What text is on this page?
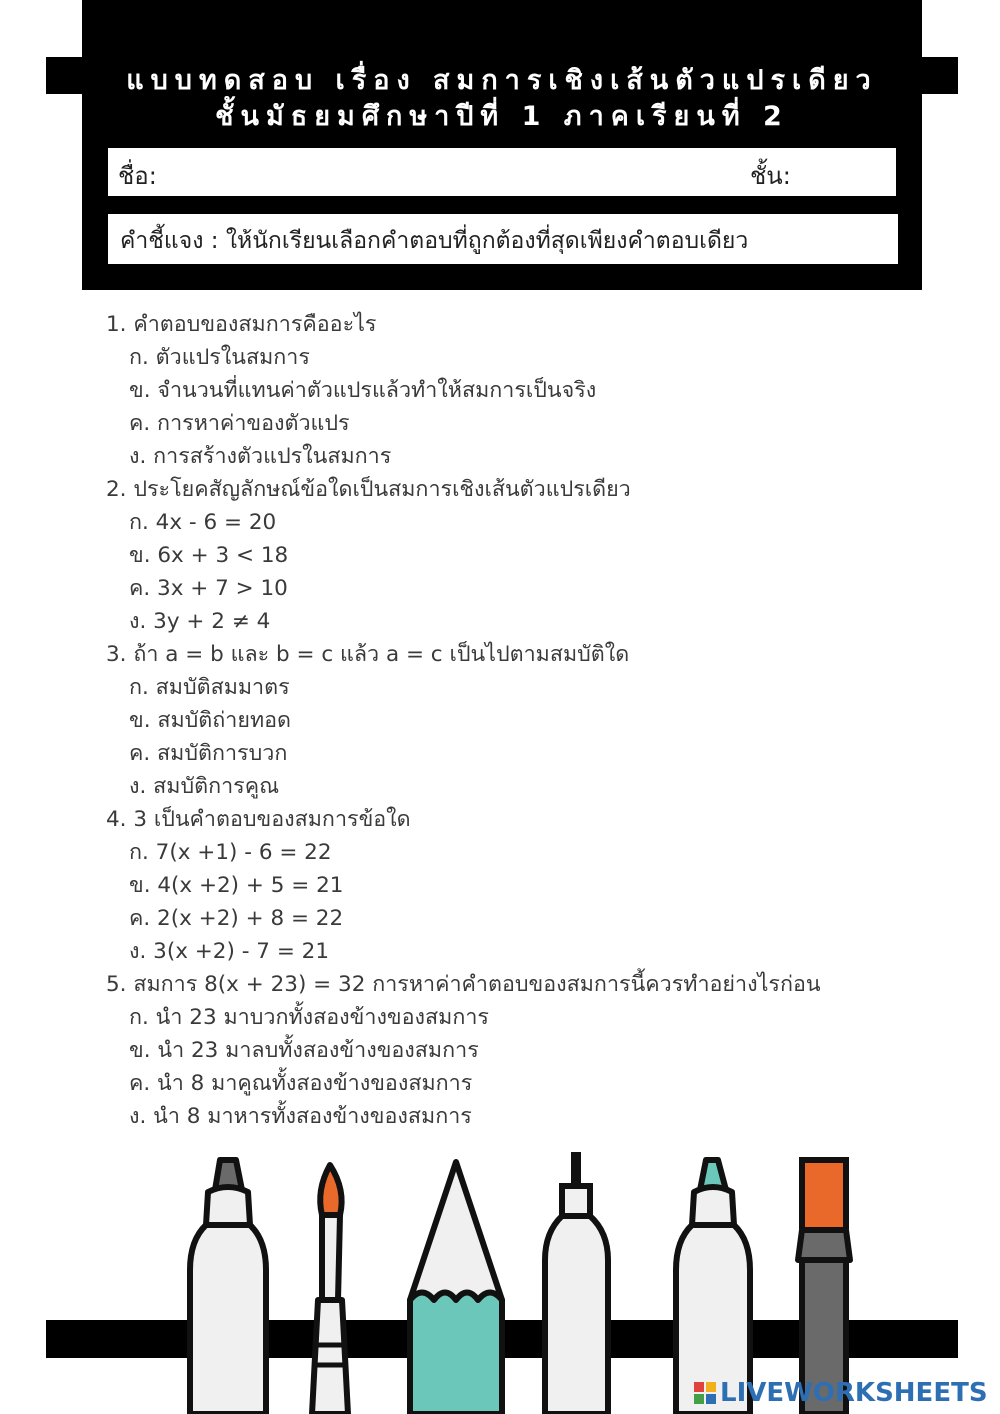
แบบทดสอบ เรื่อง สมการเชิงเส้นตัวแปรเดียว
ชั้นมัธยมศึกษาปีที่ 1 ภาคเรียนที่ 2
ชื่อ:	ชั้น:
คำชี้แจง : ให้นักเรียนเลือกคำตอบที่ถูกต้องที่สุดเพียงคำตอบเดียว
1. คำตอบของสมการคืออะไร
ก. ตัวแปรในสมการ
ข. จำนวนที่แทนค่าตัวแปรแล้วทำให้สมการเป็นจริง
ค. การหาค่าของตัวแปร
ง. การสร้างตัวแปรในสมการ
2. ประโยคสัญลักษณ์ข้อใดเป็นสมการเชิงเส้นตัวแปรเดียว
ก. 4x - 6 = 20
ข. 6x + 3 < 18
ค. 3x + 7 > 10
ง. 3y + 2 ≠ 4
3. ถ้า a = b และ b = c แล้ว a = c เป็นไปตามสมบัติใด
ก. สมบัติสมมาตร
ข. สมบัติถ่ายทอด
ค. สมบัติการบวก
ง. สมบัติการคูณ
4. 3 เป็นคำตอบของสมการข้อใด
ก. 7(x +1) - 6 = 22
ข. 4(x +2) + 5 = 21
ค. 2(x +2) + 8 = 22
ง. 3(x +2) - 7 = 21
5. สมการ 8(x + 23) = 32 การหาค่าคำตอบของสมการนี้ควรทำอย่างไรก่อน
ก. นำ 23 มาบวกทั้งสองข้างของสมการ
ข. นำ 23 มาลบทั้งสองข้างของสมการ
ค. นำ 8 มาคูณทั้งสองข้างของสมการ
ง. นำ 8 มาหารทั้งสองข้างของสมการ
LIVEWORKSHEETS
